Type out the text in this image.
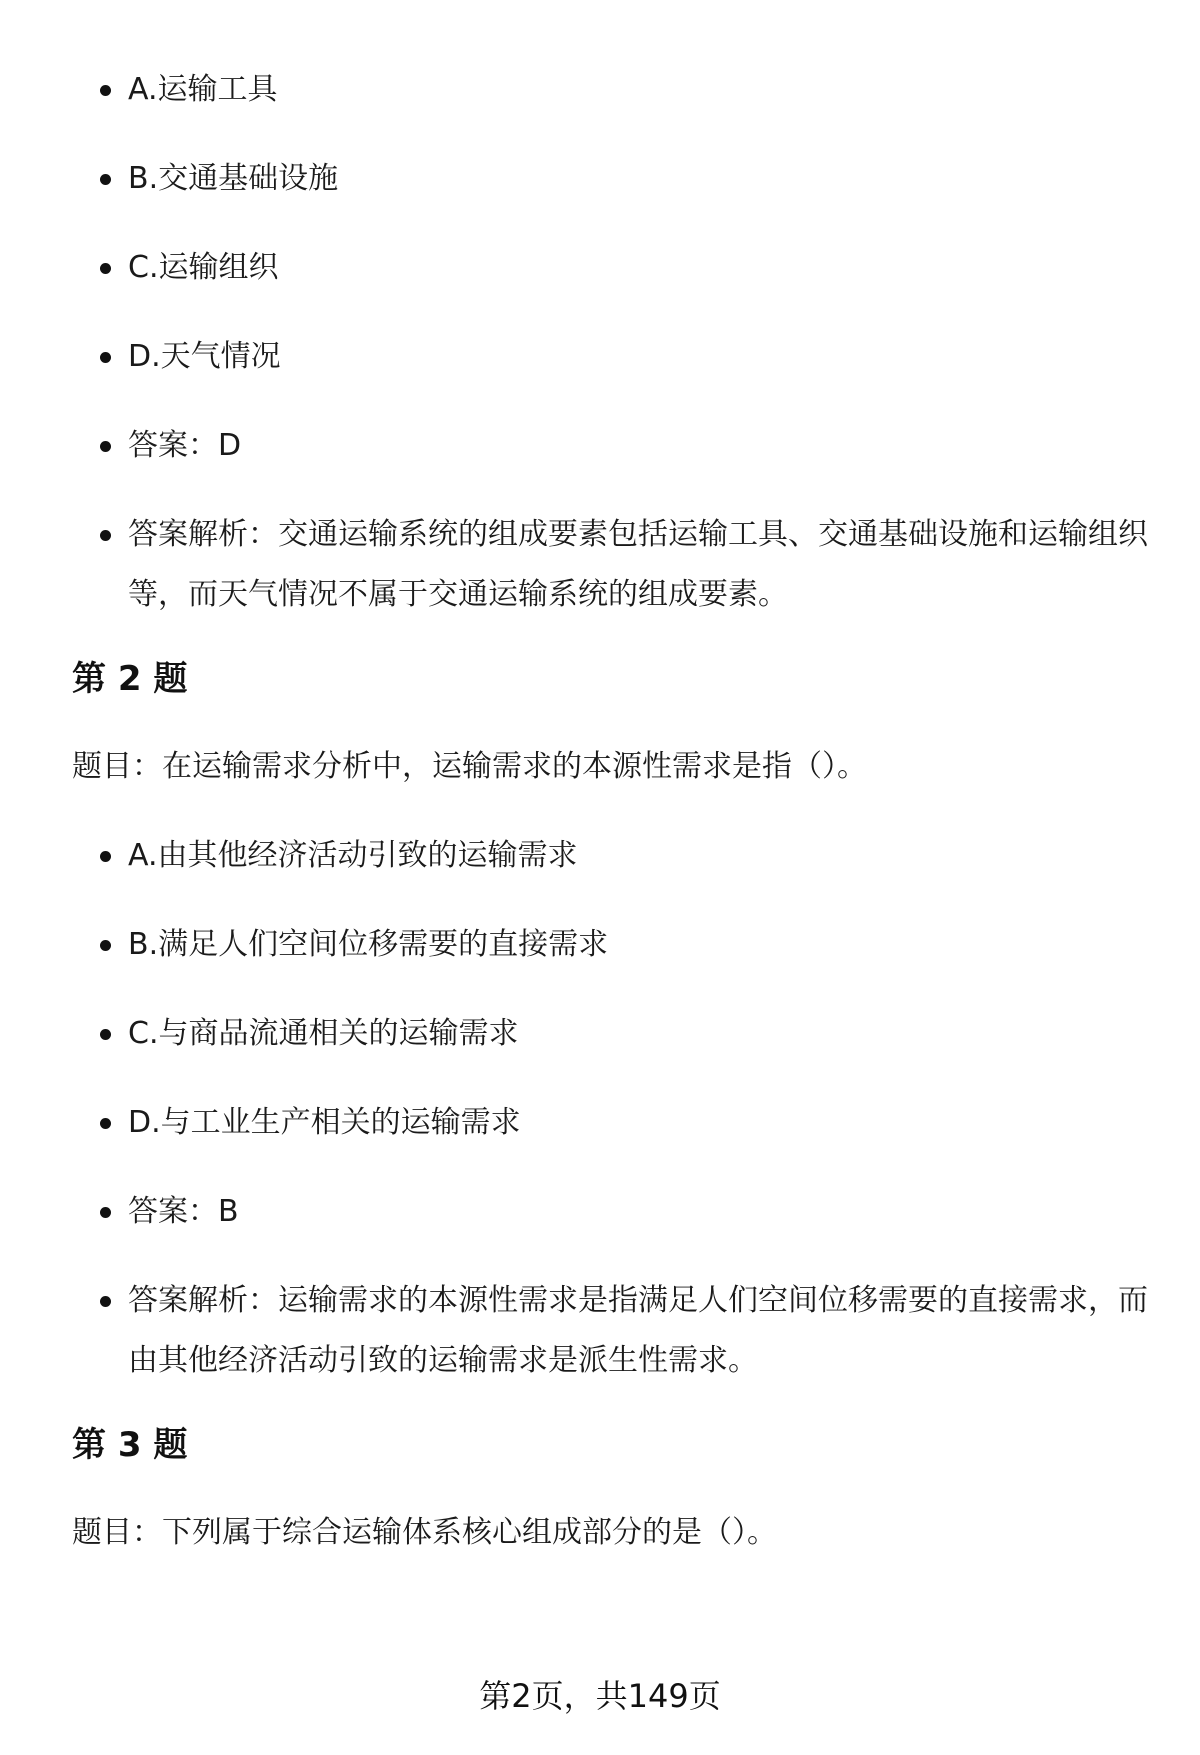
A.运输工具
B.交通基础设施
C.运输组织
D.天气情况
答案：D
答案解析：交通运输系统的组成要素包括运输工具、交通基础设施和运输组织等，而天气情况不属于交通运输系统的组成要素。
第 2 题
题目：在运输需求分析中，运输需求的本源性需求是指（）。
A.由其他经济活动引致的运输需求
B.满足人们空间位移需要的直接需求
C.与商品流通相关的运输需求
D.与工业生产相关的运输需求
答案：B
答案解析：运输需求的本源性需求是指满足人们空间位移需要的直接需求，而由其他经济活动引致的运输需求是派生性需求。
第 3 题
题目：下列属于综合运输体系核心组成部分的是（）。
第2页，共149页
